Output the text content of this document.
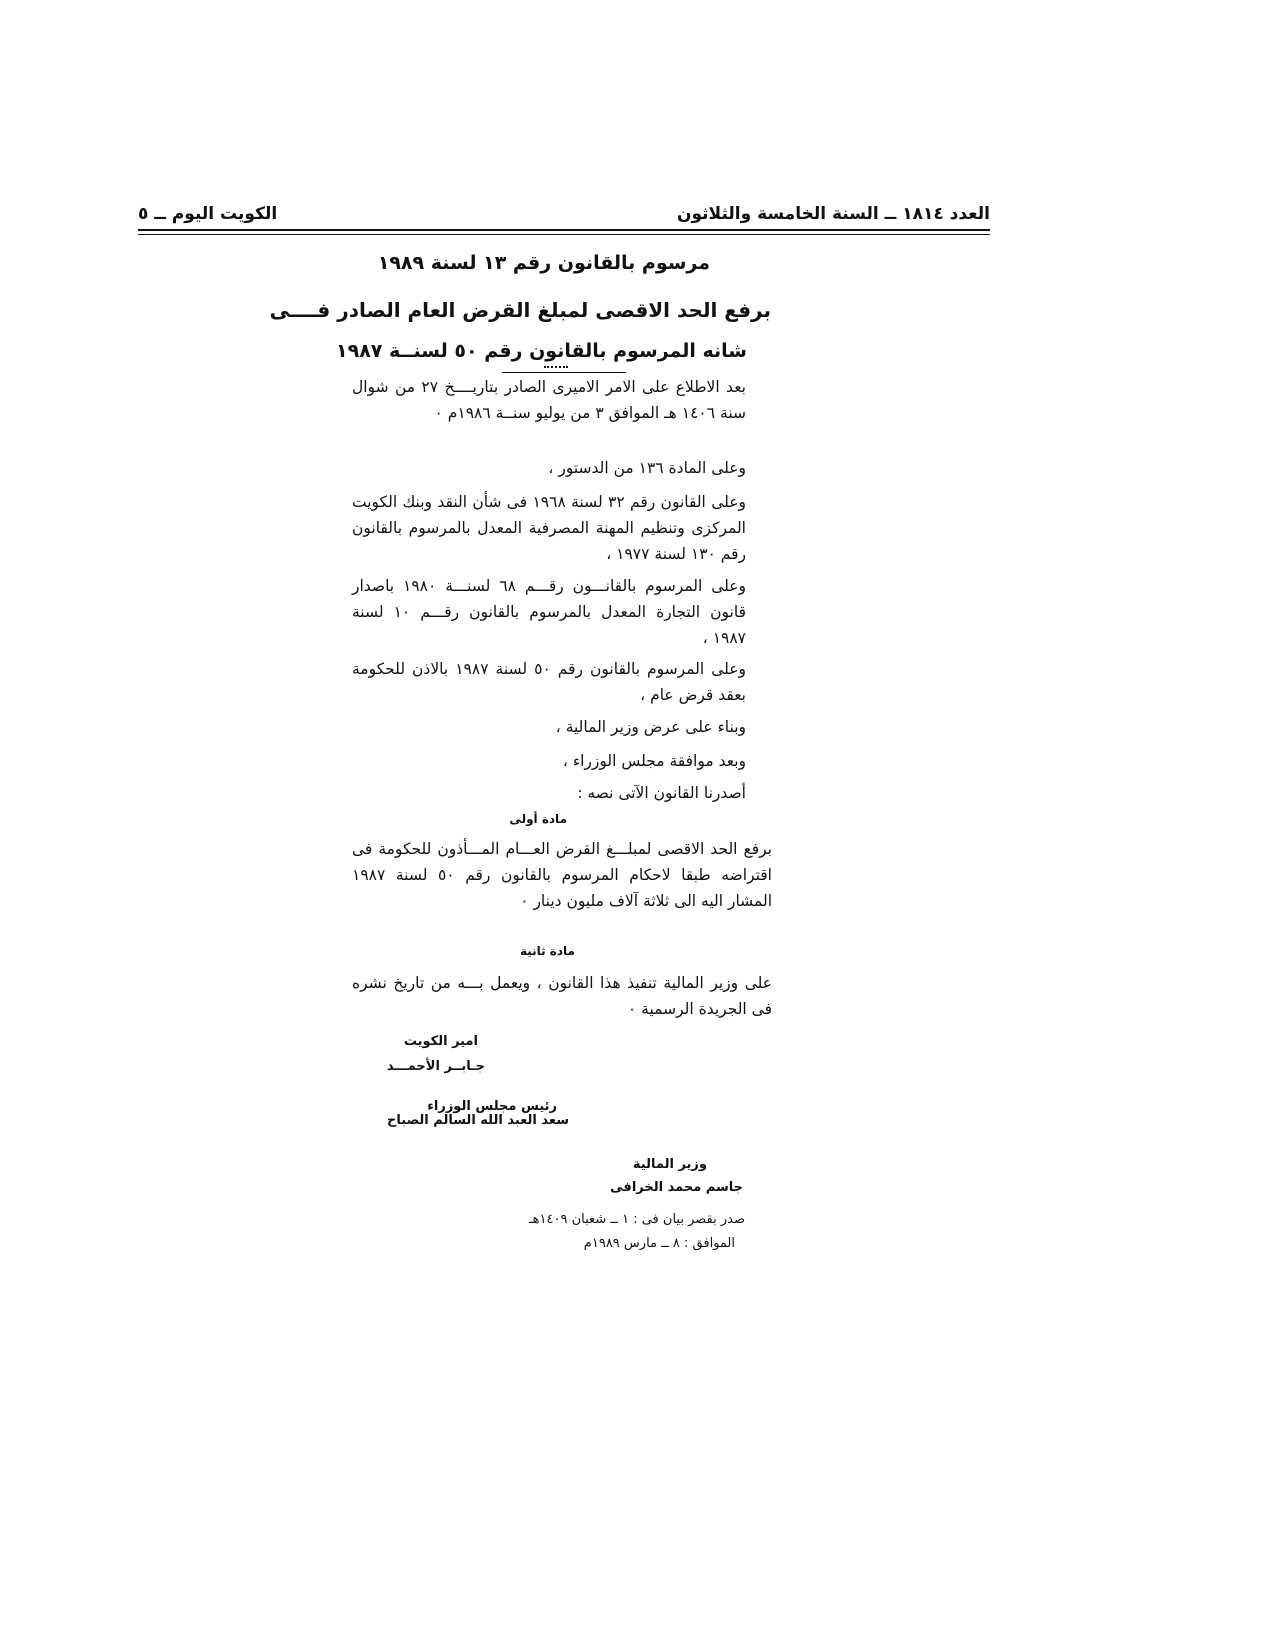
العدد ١٨١٤ ــ السنة الخامسة والثلاثون
الكويت اليوم ــ ٥
مرسوم بالقانون رقم ١٣ لسنة ١٩٨٩
برفع الحد الاقصى لمبلغ القرض العام الصادر فــــى
شانه المرسوم بالقانون رقم ٥٠ لسنــة ١٩٨٧

بعد الاطلاع على الامر الاميرى الصادر بتاريــــخ ٢٧ من شوال سنة ١٤٠٦ هـ الموافق ٣ من يوليو سنــة ١٩٨٦م ٠

وعلى المادة ١٣٦ من الدستور ،

وعلى القانون رقم ٣٢ لسنة ١٩٦٨ فى شأن النقد وبنك الكويت المركزى وتنظيم المهنة المصرفية المعدل بالمرسوم بالقانون رقم ١٣٠ لسنة ١٩٧٧ ،

وعلى المرسوم بالقانـــون رقـــم ٦٨ لسنـــة ١٩٨٠ باصدار قانون التجارة المعدل بالمرسوم بالقانون رقـــم ١٠ لسنة ١٩٨٧ ،

وعلى المرسوم بالقانون رقم ٥٠ لسنة ١٩٨٧ بالاذن للحكومة بعقد قرض عام ،

وبناء على عرض وزير المالية ،

وبعد موافقة مجلس الوزراء ،

أصدرنا القانون الآتى نصه :

مادة أولى

برفع الحد الاقصى لمبلـــغ القرض العـــام المـــأذون للحكومة فى اقتراضه طبقا لاحكام المرسوم بالقانون رقم ٥٠ لسنة ١٩٨٧ المشار اليه الى ثلاثة آلاف مليون دينار ٠

مادة ثانية

على وزير المالية تنفيذ هذا القانون ، ويعمل بـــه من تاريخ نشره فى الجريدة الرسمية ٠

امير الكويت
جـابــر الأحمـــد
رئيس مجلس الوزراء
سعد العبد الله السالم الصباح
وزير المالية
جاسم محمد الخرافى
صدر بقصر بيان فى : ١ ــ شعبان ١٤٠٩هـ
الموافق : ٨ ــ مارس ١٩٨٩م
